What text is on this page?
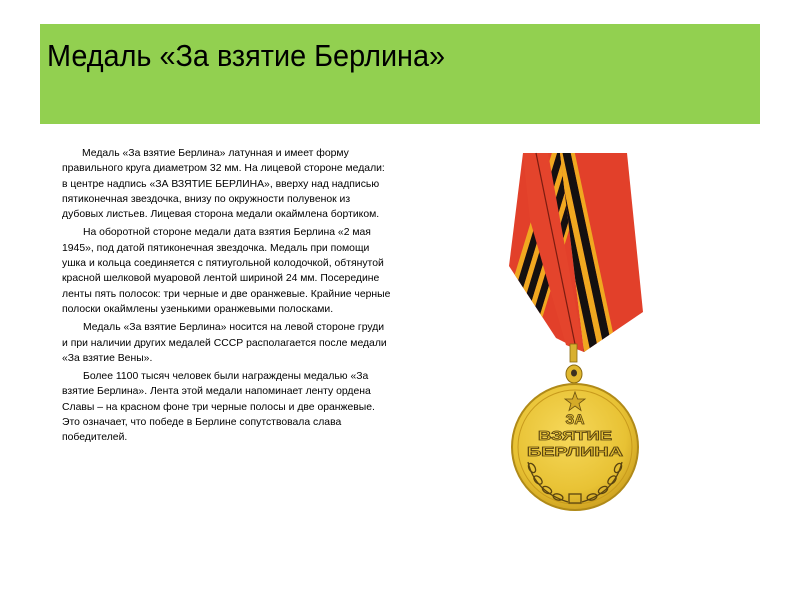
Медаль «За взятие Берлина»

Медаль «За взятие Берлина» латунная и имеет форму правильного круга диаметром 32 мм. На лицевой стороне медали: в центре надпись «ЗА ВЗЯТИЕ БЕРЛИНА», вверху над надписью пятиконечная звездочка, внизу по окружности полувенок из дубовых листьев. Лицевая сторона медали окаймлена бортиком.

На оборотной стороне медали дата взятия Берлина «2 мая 1945», под датой пятиконечная звездочка. Медаль при помощи ушка и кольца соединяется с пятиугольной колодочкой, обтянутой красной шелковой муаровой лентой шириной 24 мм. Посередине ленты пять полосок: три черные и две оранжевые. Крайние черные полоски окаймлены узенькими оранжевыми полосками.

Медаль «За взятие Берлина» носится на левой стороне груди и при наличии других медалей СССР располагается после медали «За взятие Вены».

Более 1100 тысяч человек были награждены медалью «За взятие Берлина». Лента этой медали напоминает ленту ордена Славы – на красном фоне три черные полосы и две оранжевые. Это означает, что победе в Берлине сопутствовала слава победителей.

ЗА
ВЗЯТИЕ
БЕРЛИНА
